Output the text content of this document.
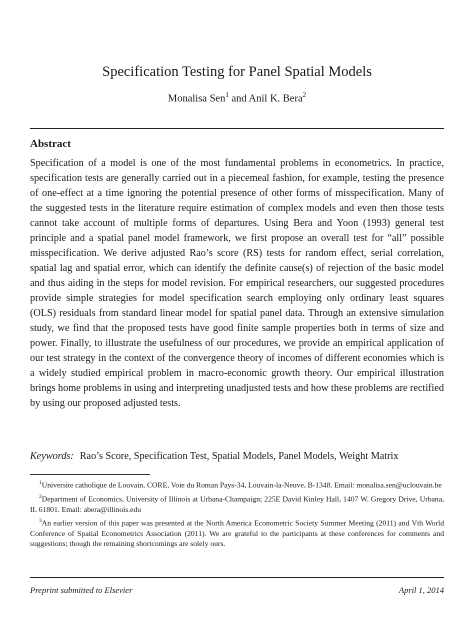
Specification Testing for Panel Spatial Models
Monalisa Sen$^1$ and Anil K. Bera$^2$
Abstract
Specification of a model is one of the most fundamental problems in econometrics. In practice, specification tests are generally carried out in a piecemeal fashion, for example, testing the presence of one-effect at a time ignoring the potential presence of other forms of misspecification. Many of the suggested tests in the literature require estimation of complex models and even then those tests cannot take account of multiple forms of departures. Using Bera and Yoon (1993) general test principle and a spatial panel model framework, we first propose an overall test for “all” possible misspecification. We derive adjusted Rao’s score (RS) tests for random effect, serial correlation, spatial lag and spatial error, which can identify the definite cause(s) of rejection of the basic model and thus aiding in the steps for model revision. For empirical researchers, our suggested procedures provide simple strategies for model specification search employing only ordinary least squares (OLS) residuals from standard linear model for spatial panel data. Through an extensive simulation study, we find that the proposed tests have good finite sample properties both in terms of size and power. Finally, to illustrate the usefulness of our procedures, we provide an empirical application of our test strategy in the context of the convergence theory of incomes of different economies which is a widely studied empirical problem in macro-economic growth theory. Our empirical illustration brings home problems in using and interpreting unadjusted tests and how these problems are rectified by using our proposed adjusted tests.
Keywords: Rao’s Score, Specification Test, Spatial Models, Panel Models, Weight Matrix

$^1$Universite catholique de Louvain, CORE, Voie du Roman Pays-34, Louvain-la-Neuve, B-1348. Email: monalisa.sen@uclouvain.be

$^2$Department of Economics, University of Illinois at Urbana-Champaign; 225E David Kinley Hall, 1407 W. Gregory Drive, Urbana, IL 61801. Email: abera@illinois.edu

$^3$An earlier version of this paper was presented at the North America Econometric Society Summer Meeting (2011) and Vth World Conference of Spatial Econometrics Association (2011). We are grateful to the participants at these conferences for comments and suggestions; though the remaining shortcomings are solely ours.

Preprint submitted to Elsevier	April 1, 2014
